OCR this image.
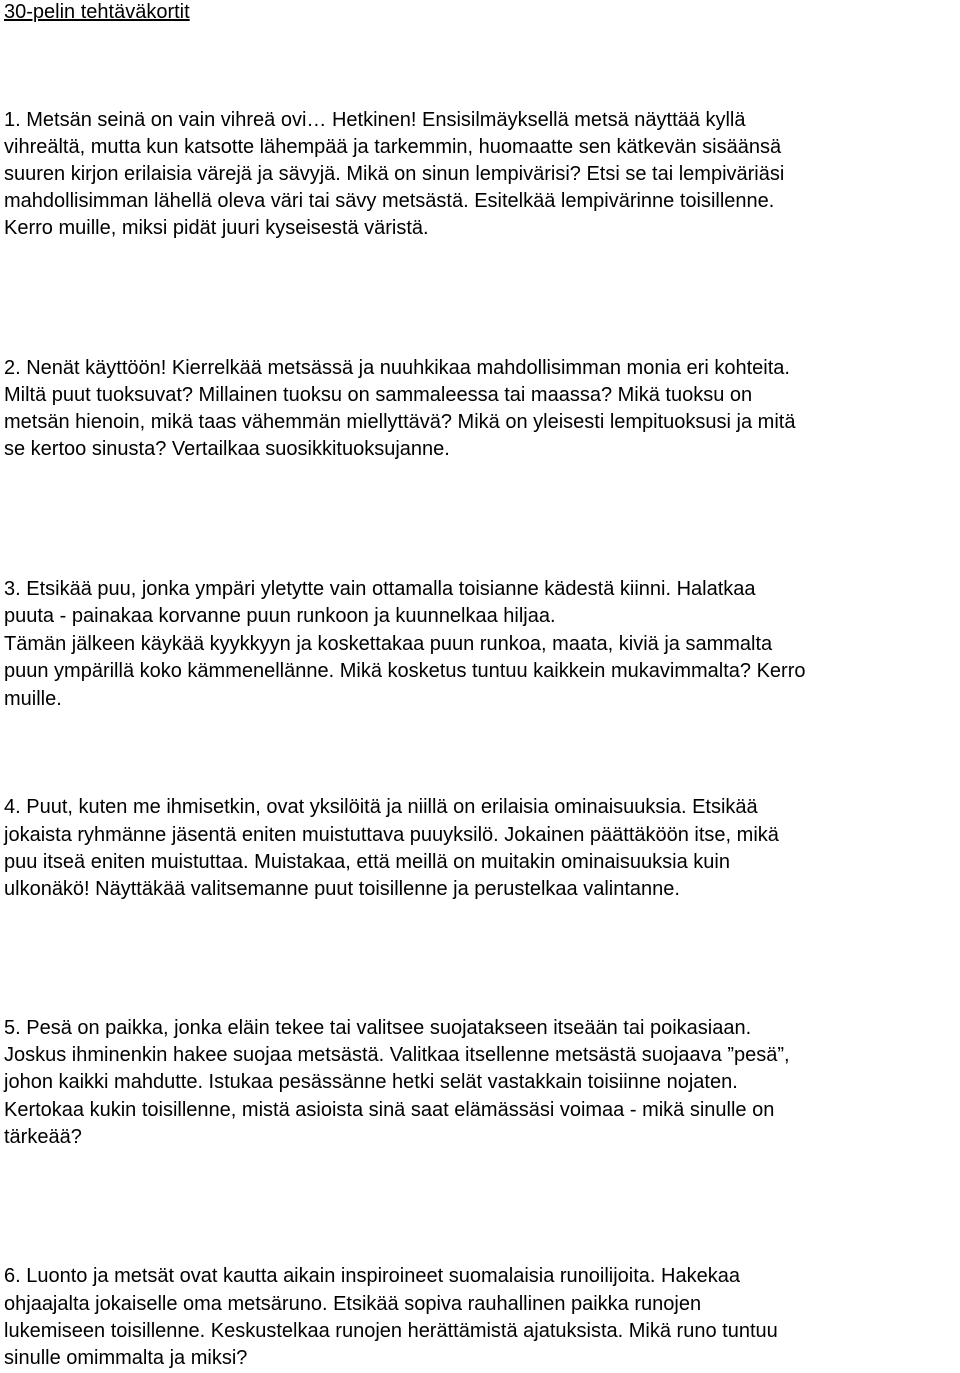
30-pelin tehtäväkortit
1. Metsän seinä on vain vihreä ovi… Hetkinen! Ensisilmäyksellä metsä näyttää kyllä
vihreältä, mutta kun katsotte lähempää ja tarkemmin, huomaatte sen kätkevän sisäänsä
suuren kirjon erilaisia värejä ja sävyjä. Mikä on sinun lempivärisi? Etsi se tai lempiväriäsi
mahdollisimman lähellä oleva väri tai sävy metsästä. Esitelkää lempivärinne toisillenne.
Kerro muille, miksi pidät juuri kyseisestä väristä.
2. Nenät käyttöön! Kierrelkää metsässä ja nuuhkikaa mahdollisimman monia eri kohteita.
Miltä puut tuoksuvat? Millainen tuoksu on sammaleessa tai maassa? Mikä tuoksu on
metsän hienoin, mikä taas vähemmän miellyttävä? Mikä on yleisesti lempituoksusi ja mitä
se kertoo sinusta? Vertailkaa suosikkituoksujanne.
3. Etsikää puu, jonka ympäri yletytte vain ottamalla toisianne kädestä kiinni. Halatkaa
puuta - painakaa korvanne puun runkoon ja kuunnelkaa hiljaa.
Tämän jälkeen käykää kyykkyyn ja koskettakaa puun runkoa, maata, kiviä ja sammalta
puun ympärillä koko kämmenellänne. Mikä kosketus tuntuu kaikkein mukavimmalta? Kerro
muille.
4. Puut, kuten me ihmisetkin, ovat yksilöitä ja niillä on erilaisia ominaisuuksia. Etsikää
jokaista ryhmänne jäsentä eniten muistuttava puuyksilö. Jokainen päättäköön itse, mikä
puu itseä eniten muistuttaa. Muistakaa, että meillä on muitakin ominaisuuksia kuin
ulkonäkö! Näyttäkää valitsemanne puut toisillenne ja perustelkaa valintanne.
5. Pesä on paikka, jonka eläin tekee tai valitsee suojatakseen itseään tai poikasiaan.
Joskus ihminenkin hakee suojaa metsästä. Valitkaa itsellenne metsästä suojaava ”pesä”,
johon kaikki mahdutte. Istukaa pesässänne hetki selät vastakkain toisiinne nojaten.
Kertokaa kukin toisillenne, mistä asioista sinä saat elämässäsi voimaa - mikä sinulle on
tärkeää?
6. Luonto ja metsät ovat kautta aikain inspiroineet suomalaisia runoilijoita. Hakekaa
ohjaajalta jokaiselle oma metsäruno. Etsikää sopiva rauhallinen paikka runojen
lukemiseen toisillenne. Keskustelkaa runojen herättämistä ajatuksista. Mikä runo tuntuu
sinulle omimmalta ja miksi?
